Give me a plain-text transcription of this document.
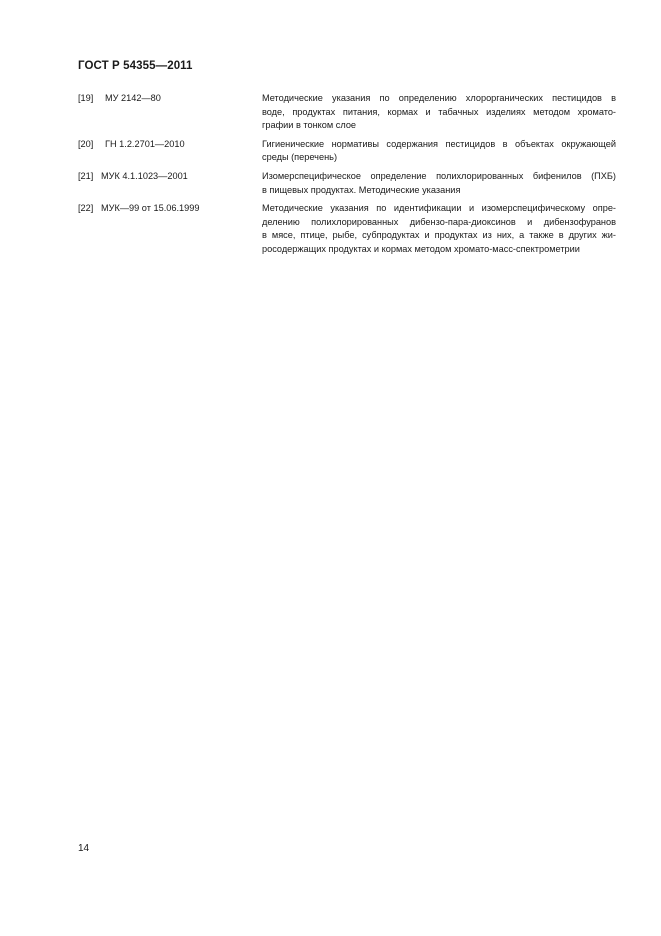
ГОСТ Р 54355—2011
[19] МУ 2142—80	Методические указания по определению хлорорганических пестицидов в
воде, продуктах питания, кормах и табачных изделиях методом хромато-
графии в тонком слое
[20] ГН 1.2.2701—2010	Гигиенические нормативы содержания пестицидов в объектах окружающей
среды (перечень)
[21] МУК 4.1.1023—2001	Изомерспецифическое определение полихлорированных бифенилов (ПХБ)
в пищевых продуктах. Методические указания
[22] МУК—99 от 15.06.1999	Методические указания по идентификации и изомерспецифическому опре-
делению полихлорированных дибензо-пара-диоксинов и дибензофуранов
в мясе, птице, рыбе, субпродуктах и продуктах из них, а также в других жи-
росодержащих продуктах и кормах методом хромато-масс-спектрометрии
14
